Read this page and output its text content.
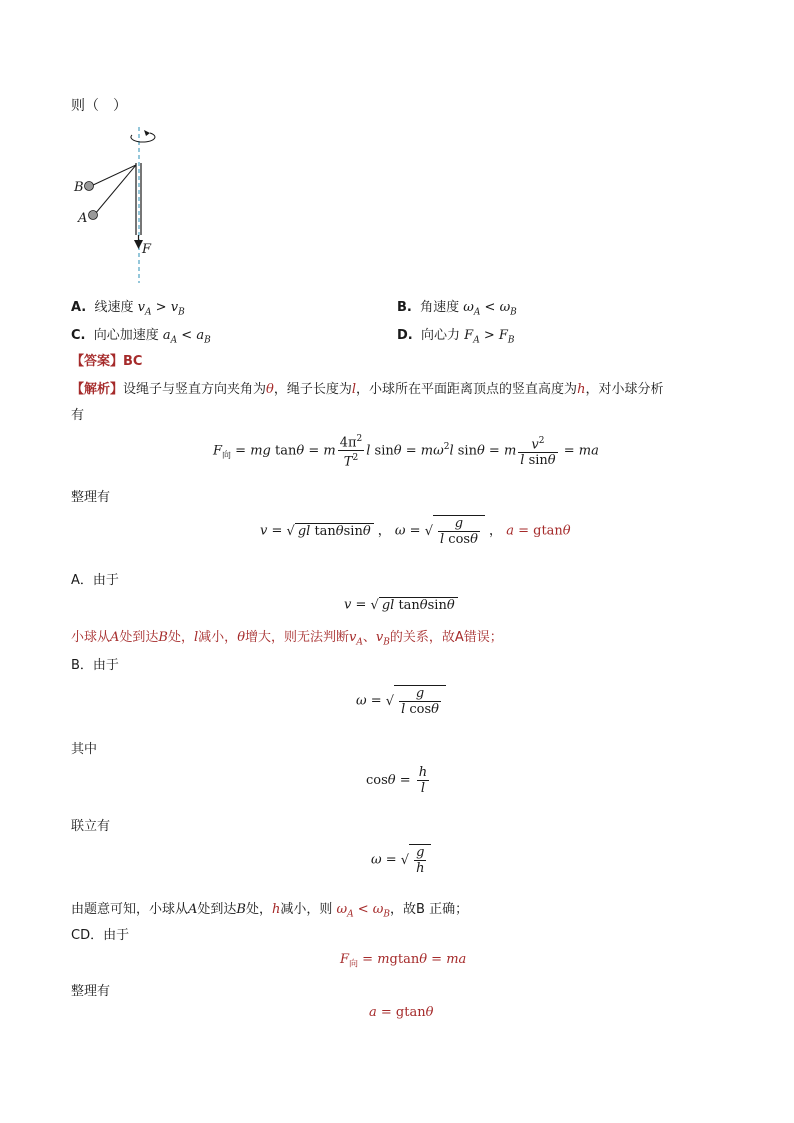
则（　）
B
A
F
A. 线速度 $v_A > v_B$	B. 角速度 $\omega_A < \omega_B$
C. 向心加速度 $a_A < a_B$	D. 向心力 $F_A > F_B$
【答案】BC
【解析】设绳子与竖直方向夹角为θ，绳子长度为l，小球所在平面距离顶点的竖直高度为h，对小球分析
有
$F_向$ = mg tanθ = m $\frac{4\pi^2}{T^2}$ l $\sin\theta = m\omega^2l$ sinθ = m $\frac{v^2}{\text{l sinθ}}$ = ma
整理有
v = √ gl tanθsinθ ， ω = √ $\frac{g}{\text{l cosθ}}$ ， a = gtanθ
A．由于
v = √ gl tanθsinθ
小球从A处到达B处，l减小，θ增大，则无法判断$v_A$、$v_B$的关系，故A错误；
B．由于
ω = √ $\frac{g}{\text{l cosθ}}$
其中
$\cos\theta = \frac{h}{l}$
联立有
ω = √ $\frac{g}{h}$
由题意可知，小球从A处到达B处，h减小，则 $\omega_A < \omega_B$，故B 正确；
CD．由于
$F_向 = mgtan\theta$ = ma
整理有
a = gtanθ
